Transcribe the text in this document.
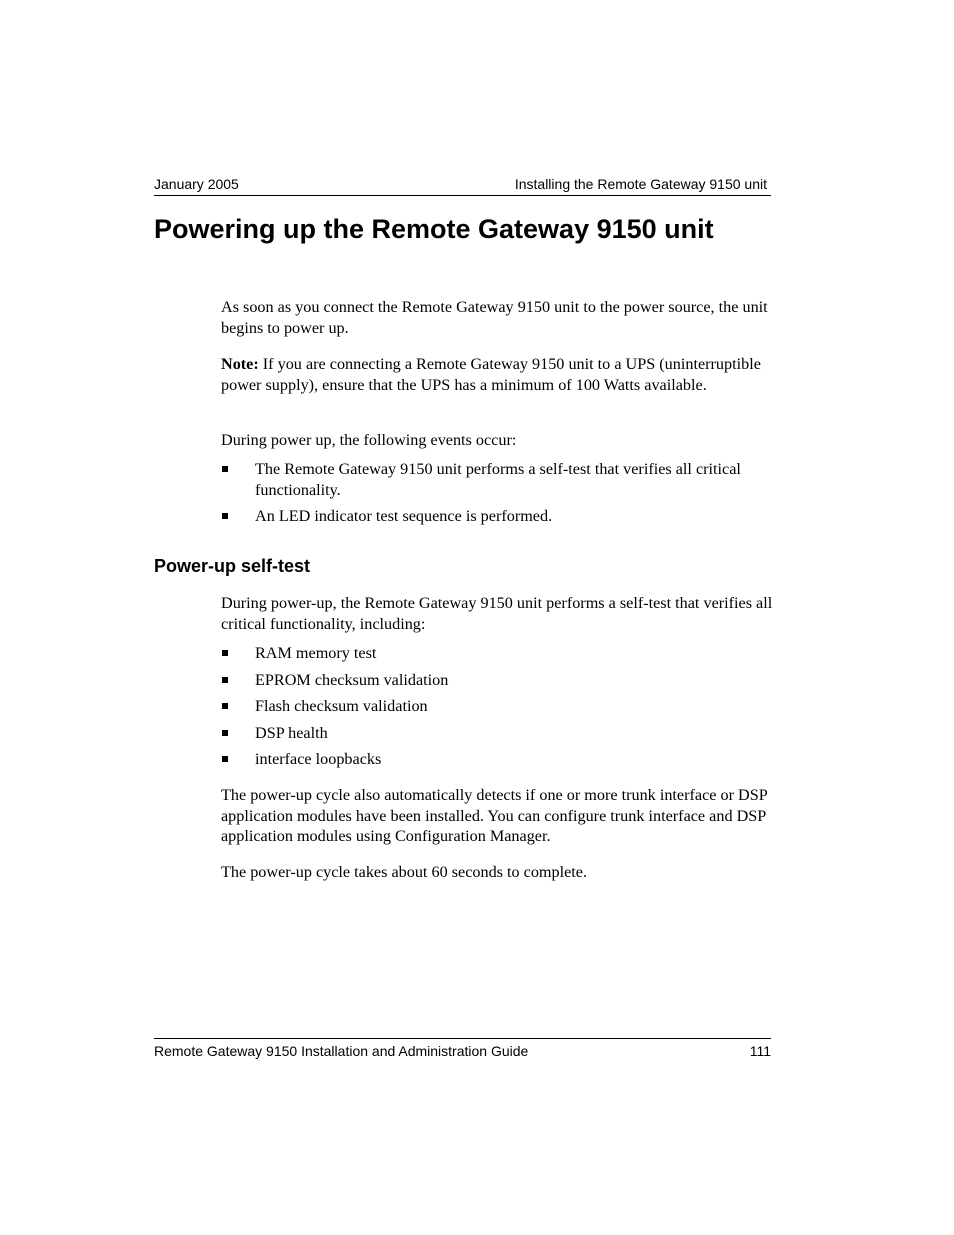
January 2005	Installing the Remote Gateway 9150 unit
Powering up the Remote Gateway 9150 unit

As soon as you connect the Remote Gateway 9150 unit to the power source, the unit begins to power up.

Note: If you are connecting a Remote Gateway 9150 unit to a UPS (uninterruptible power supply), ensure that the UPS has a minimum of 100 Watts available.

During power up, the following events occur:

The Remote Gateway 9150 unit performs a self-test that verifies all critical functionality.
An LED indicator test sequence is performed.
Power-up self-test

During power-up, the Remote Gateway 9150 unit performs a self-test that verifies all critical functionality, including:

RAM memory test
EPROM checksum validation
Flash checksum validation
DSP health
interface loopbacks

The power-up cycle also automatically detects if one or more trunk interface or DSP application modules have been installed. You can configure trunk interface and DSP application modules using Configuration Manager.

The power-up cycle takes about 60 seconds to complete.

Remote Gateway 9150 Installation and Administration Guide	111
